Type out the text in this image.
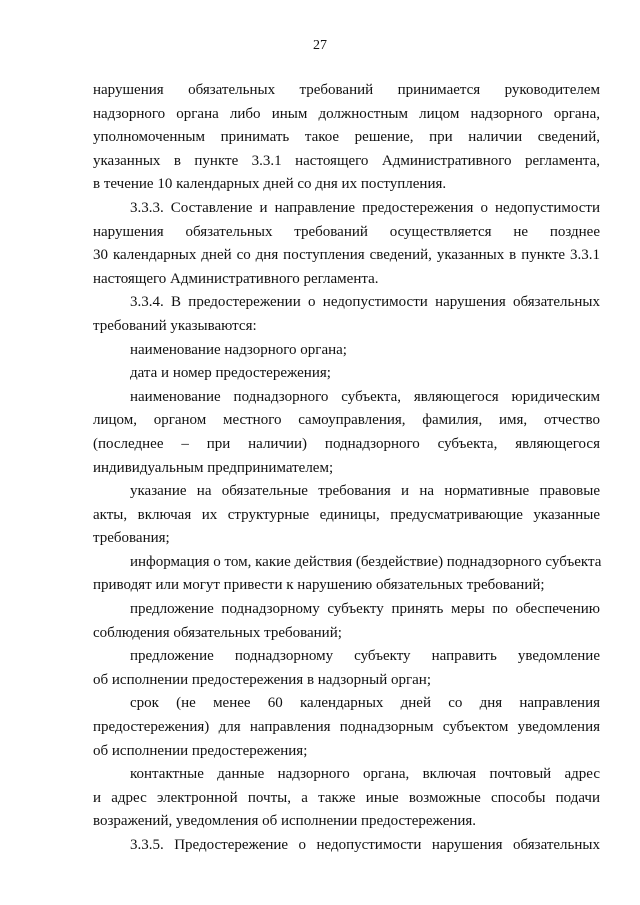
27

нарушения обязательных требований принимается руководителем
надзорного органа либо иным должностным лицом надзорного органа,
уполномоченным принимать такое решение, при наличии сведений,
указанных в пункте 3.3.1 настоящего Административного регламента,
в течение 10 календарных дней со дня их поступления.

3.3.3. Составление и направление предостережения о недопустимости
нарушения обязательных требований осуществляется не позднее
30 календарных дней со дня поступления сведений, указанных в пункте 3.3.1
настоящего Административного регламента.

3.3.4. В предостережении о недопустимости нарушения обязательных
требований указываются:

наименование надзорного органа;

дата и номер предостережения;

наименование поднадзорного субъекта, являющегося юридическим
лицом, органом местного самоуправления, фамилия, имя, отчество
(последнее – при наличии) поднадзорного субъекта, являющегося
индивидуальным предпринимателем;

указание на обязательные требования и на нормативные правовые
акты, включая их структурные единицы, предусматривающие указанные
требования;

информация о том, какие действия (бездействие) поднадзорного субъекта
приводят или могут привести к нарушению обязательных требований;

предложение поднадзорному субъекту принять меры по обеспечению
соблюдения обязательных требований;

предложение поднадзорному субъекту направить уведомление
об исполнении предостережения в надзорный орган;

срок (не менее 60 календарных дней со дня направления
предостережения) для направления поднадзорным субъектом уведомления
об исполнении предостережения;

контактные данные надзорного органа, включая почтовый адрес
и адрес электронной почты, а также иные возможные способы подачи
возражений, уведомления об исполнении предостережения.

3.3.5. Предостережение о недопустимости нарушения обязательных
